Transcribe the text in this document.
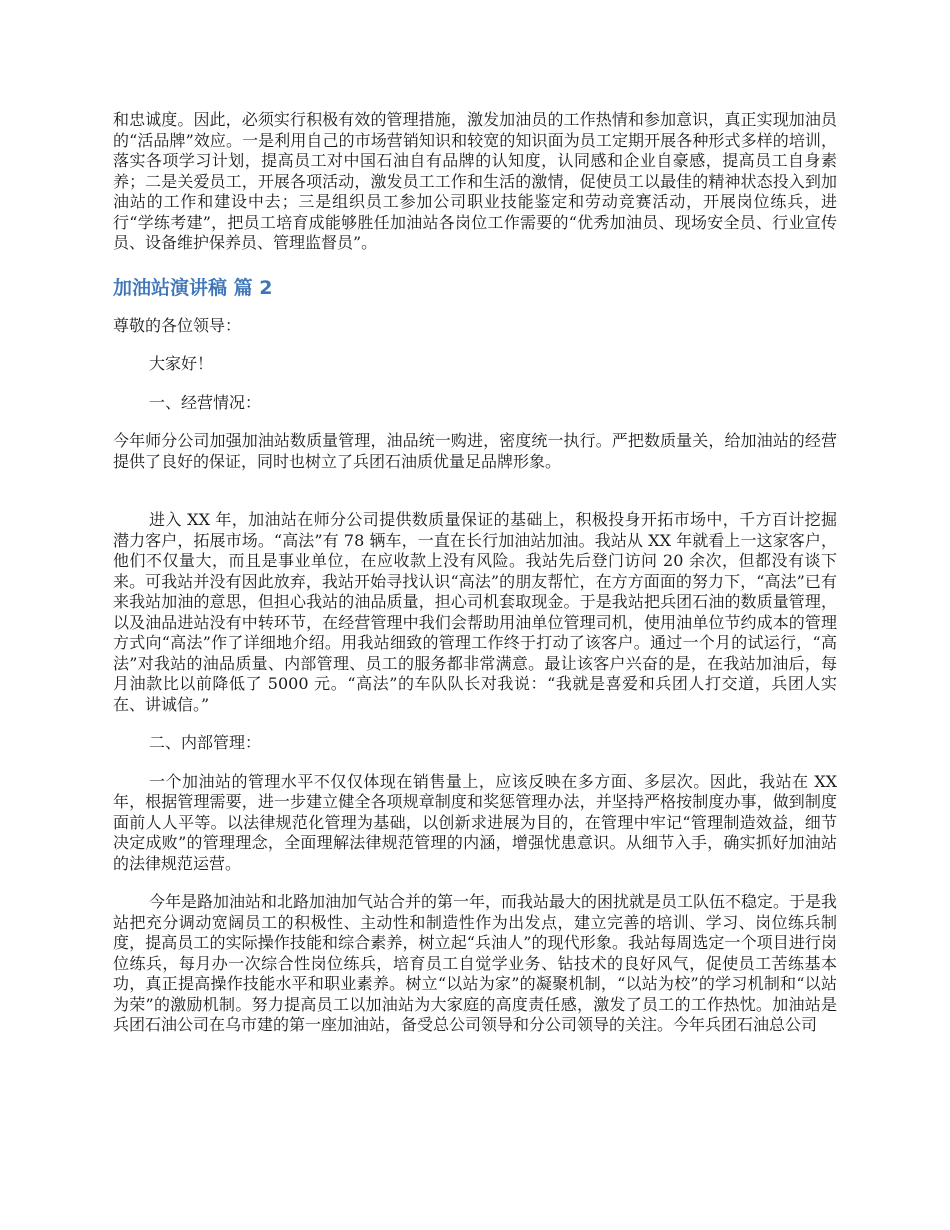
和忠诚度。因此，必须实行积极有效的管理措施，激发加油员的工作热情和参加意识，真正实现加油员的“活品牌”效应。一是利用自己的市场营销知识和较宽的知识面为员工定期开展各种形式多样的培训，落实各项学习计划，提高员工对中国石油自有品牌的认知度，认同感和企业自豪感，提高员工自身素养；二是关爱员工，开展各项活动，激发员工工作和生活的激情，促使员工以最佳的精神状态投入到加油站的工作和建设中去；三是组织员工参加公司职业技能鉴定和劳动竞赛活动，开展岗位练兵，进行“学练考建”，把员工培育成能够胜任加油站各岗位工作需要的“优秀加油员、现场安全员、行业宣传员、设备维护保养员、管理监督员”。

加油站演讲稿 篇 2

尊敬的各位领导：

大家好！

一、经营情况：

今年师分公司加强加油站数质量管理，油品统一购进，密度统一执行。严把数质量关，给加油站的经营提供了良好的保证，同时也树立了兵团石油质优量足品牌形象。

进入 XX 年，加油站在师分公司提供数质量保证的基础上，积极投身开拓市场中，千方百计挖掘潜力客户，拓展市场。“高法”有 78 辆车，一直在长行加油站加油。我站从 XX 年就看上一这家客户，他们不仅量大，而且是事业单位，在应收款上没有风险。我站先后登门访问 20 余次，但都没有谈下来。可我站并没有因此放弃，我站开始寻找认识“高法”的朋友帮忙，在方方面面的努力下，“高法”已有来我站加油的意思，但担心我站的油品质量，担心司机套取现金。于是我站把兵团石油的数质量管理，以及油品进站没有中转环节，在经营管理中我们会帮助用油单位管理司机，使用油单位节约成本的管理方式向“高法”作了详细地介绍。用我站细致的管理工作终于打动了该客户。通过一个月的试运行，“高法”对我站的油品质量、内部管理、员工的服务都非常满意。最让该客户兴奋的是，在我站加油后，每月油款比以前降低了 5000 元。“高法”的车队队长对我说：“我就是喜爱和兵团人打交道，兵团人实在、讲诚信。”

二、内部管理：

一个加油站的管理水平不仅仅体现在销售量上，应该反映在多方面、多层次。因此，我站在 XX 年，根据管理需要，进一步建立健全各项规章制度和奖惩管理办法，并坚持严格按制度办事，做到制度面前人人平等。以法律规范化管理为基础，以创新求进展为目的，在管理中牢记“管理制造效益，细节决定成败”的管理理念，全面理解法律规范管理的内涵，增强忧患意识。从细节入手，确实抓好加油站的法律规范运营。

今年是路加油站和北路加油加气站合并的第一年，而我站最大的困扰就是员工队伍不稳定。于是我站把充分调动宽阔员工的积极性、主动性和制造性作为出发点，建立完善的培训、学习、岗位练兵制度，提高员工的实际操作技能和综合素养，树立起“兵油人”的现代形象。我站每周选定一个项目进行岗位练兵，每月办一次综合性岗位练兵，培育员工自觉学业务、钻技术的良好风气，促使员工苦练基本功，真正提高操作技能水平和职业素养。树立“以站为家”的凝聚机制，“以站为校”的学习机制和“以站为荣”的激励机制。努力提高员工以加油站为大家庭的高度责任感，激发了员工的工作热忱。加油站是兵团石油公司在乌市建的第一座加油站，备受总公司领导和分公司领导的关注。今年兵团石油总公司
